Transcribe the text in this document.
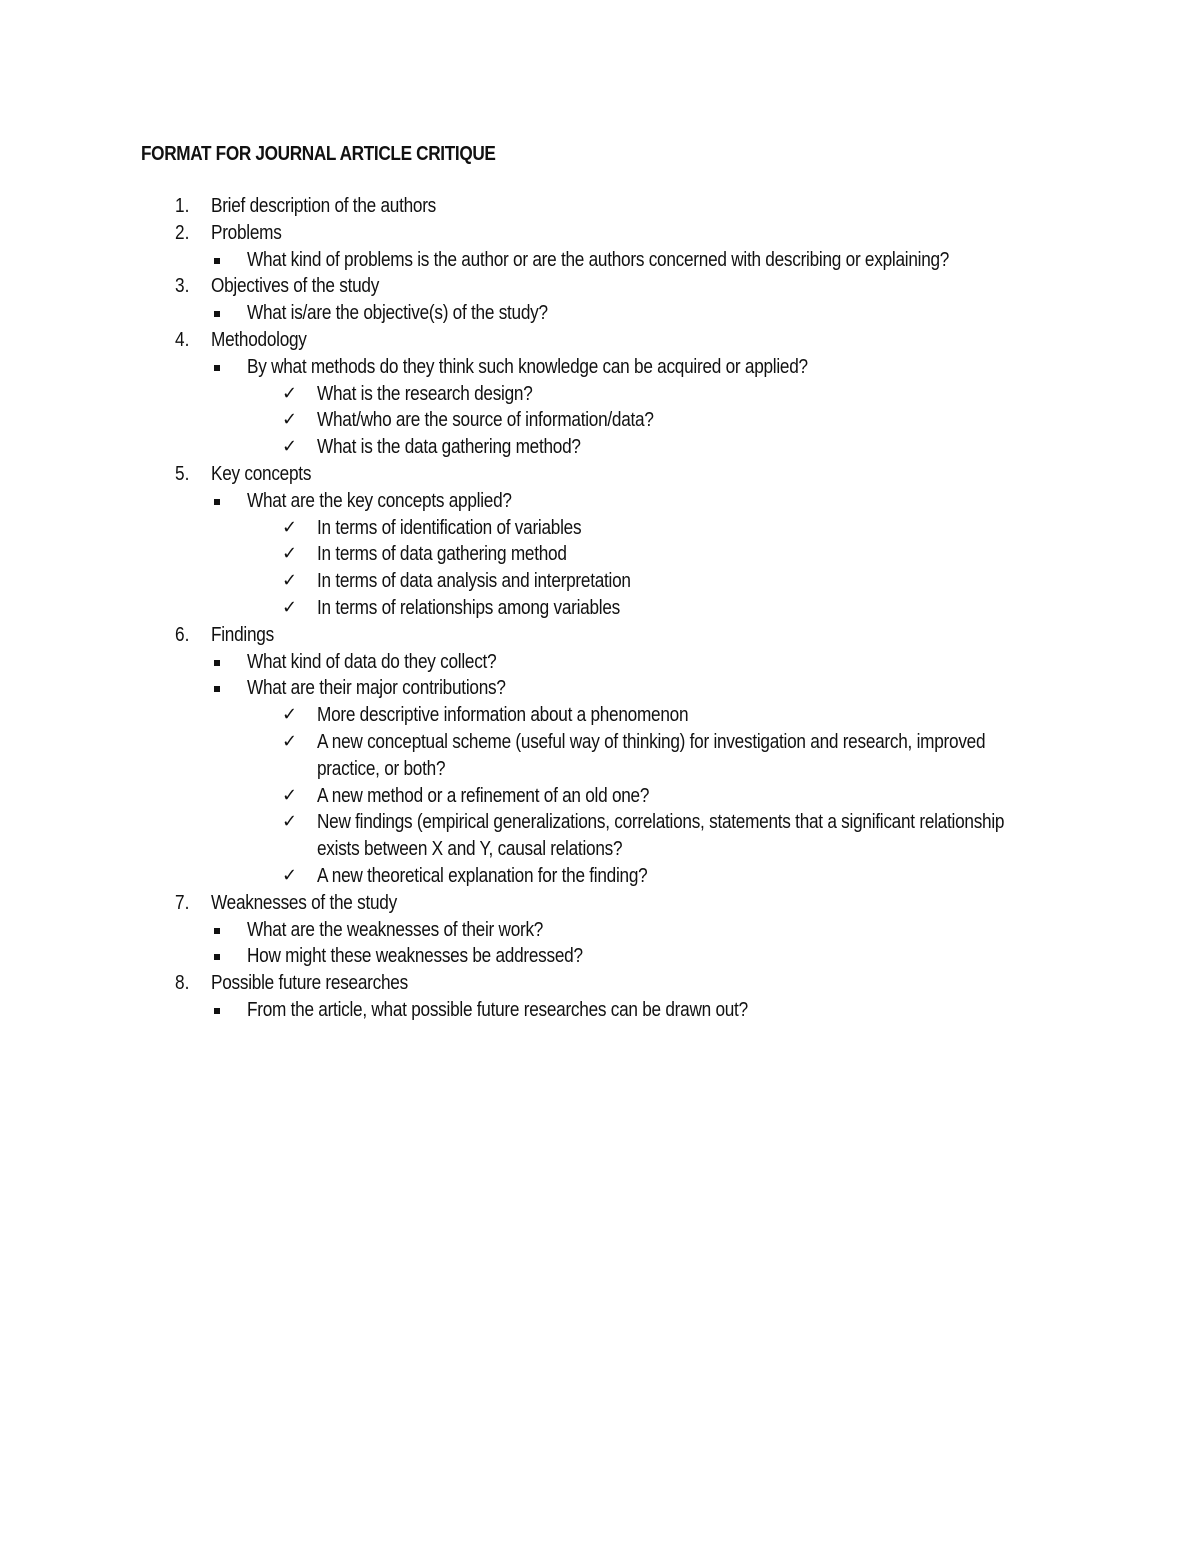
FORMAT FOR JOURNAL ARTICLE CRITIQUE
1. Brief description of the authors
2. Problems
What kind of problems is the author or are the authors concerned with describing or explaining?
3. Objectives of the study
What is/are the objective(s) of the study?
4. Methodology
By what methods do they think such knowledge can be acquired or applied?
✓ What is the research design?
✓ What/who are the source of information/data?
✓ What is the data gathering method?
5. Key concepts
What are the key concepts applied?
✓ In terms of identification of variables
✓ In terms of data gathering method
✓ In terms of data analysis and interpretation
✓ In terms of relationships among variables
6. Findings
What kind of data do they collect?
What are their major contributions?
✓ More descriptive information about a phenomenon
✓ A new conceptual scheme (useful way of thinking) for investigation and research, improved
practice, or both?
✓ A new method or a refinement of an old one?
✓ New findings (empirical generalizations, correlations, statements that a significant relationship
exists between X and Y, causal relations?
✓ A new theoretical explanation for the finding?
7. Weaknesses of the study
What are the weaknesses of their work?
How might these weaknesses be addressed?
8. Possible future researches
From the article, what possible future researches can be drawn out?
